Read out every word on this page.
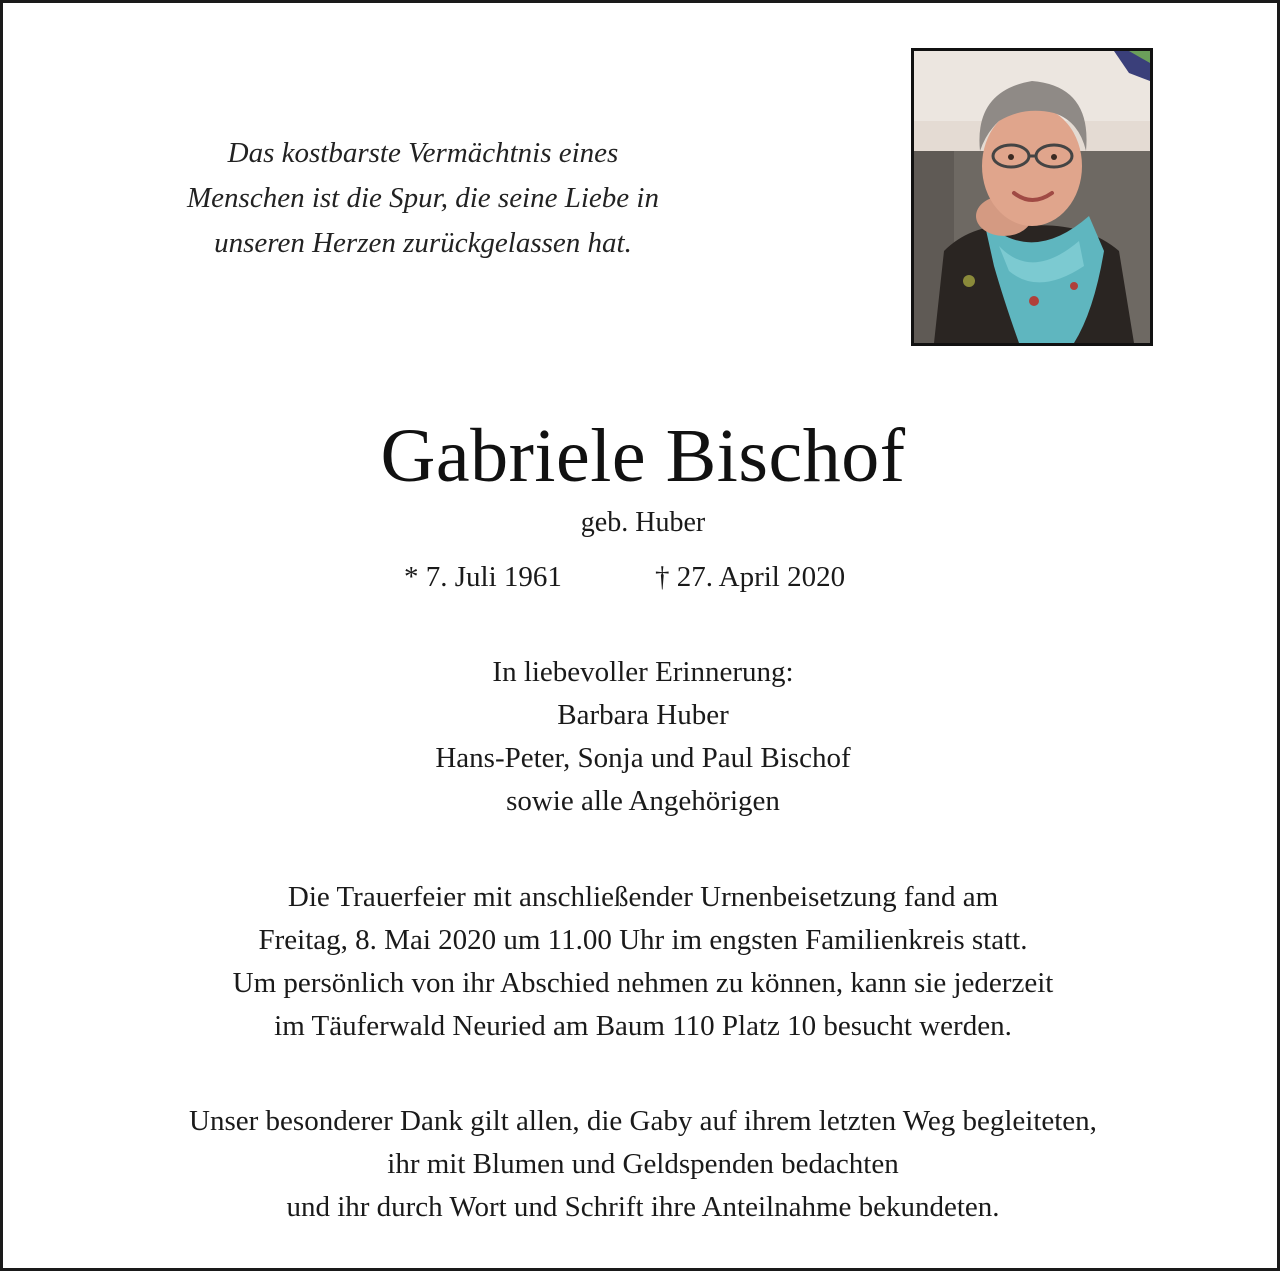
Das kostbarste Vermächtnis eines
Menschen ist die Spur, die seine Liebe in
unseren Herzen zurückgelassen hat.
Gabriele Bischof
geb. Huber
* 7. Juli 1961	† 27. April 2020
In liebevoller Erinnerung:
Barbara Huber
Hans-Peter, Sonja und Paul Bischof
sowie alle Angehörigen
Die Trauerfeier mit anschließender Urnenbeisetzung fand am
Freitag, 8. Mai 2020 um 11.00 Uhr im engsten Familienkreis statt.
Um persönlich von ihr Abschied nehmen zu können, kann sie jederzeit
im Täuferwald Neuried am Baum 110 Platz 10 besucht werden.
Unser besonderer Dank gilt allen, die Gaby auf ihrem letzten Weg begleiteten,
ihr mit Blumen und Geldspenden bedachten
und ihr durch Wort und Schrift ihre Anteilnahme bekundeten.
